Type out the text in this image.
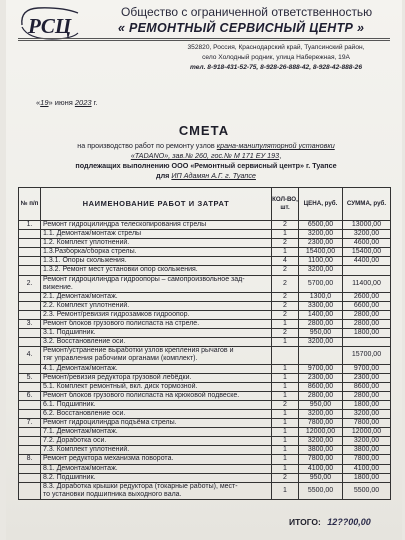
РСЦ
Общество с ограниченной ответственностью
« РЕМОНТНЫЙ СЕРВИСНЫЙ ЦЕНТР »
352820, Россия, Краснодарский край, Туапсинский район,
село Холодный родник, улица Набережная, 19А
тел. 8-918-431-52-75, 8-928-26-888-42, 8-928-42-888-26
«19» июня 2023 г.
СМЕТА
на производство работ по ремонту узлов крана-манипуляторной установки
«TADANO», зав.№ 260, гос.№ М 171 ЕУ 193,
подлежащих выполнению ООО «Ремонтный сервисный центр» г. Туапсе
для ИП Адамян А.Г. г. Туапсе
№ п/п	НАИМЕНОВАНИЕ РАБОТ И ЗАТРАТ	КОЛ-ВО, шт.	ЦЕНА, руб.	СУММА, руб.
1.	Ремонт гидроцилиндра телескопирования стрелы	2	6500,00	13000,00
	1.1. Демонтаж/монтаж стрелы	1	3200,00	3200,00
	1.2. Комплект уплотнений.	2	2300,00	4600,00
	1.3.Разборка/сборка стрелы.	1	15400,00	15400,00
	1.3.1. Опоры скольжения.	4	1100,00	4400,00
	1.3.2. Ремонт мест установки опор скольжения.	2	3200,00	
2.	Ремонт гидроцилиндра гидроопоры – самопроизвольное зад-
вижение.	2	5700,00	11400,00
	2.1. Демонтаж/монтаж.	2	1300,0	2600,00
	2.2. Комплект уплотнений.	2	3300,00	6600,00
	2.3. Ремонт/ревизия гидрозамков гидроопор.	2	1400,00	2800,00
3.	Ремонт блоков грузового полиспаста на стреле.	1	2800,00	2800,00
	3.1. Подшипник.	2	950,00	1800,00
	3.2. Восстановление оси.	1	3200,00	
4.	Ремонт/устранение выработки узлов крепления рычагов и
тяг управления рабочими органами (комплект).			15700,00
	4.1. Демонтаж/монтаж.	1	9700,00	9700,00
5.	Ремонт/ревизия редуктора грузовой лебёдки.	1	2300,00	2300,00
	5.1. Комплект ремонтный, вкл. диск тормозной.	1	8600,00	8600,00
6.	Ремонт блоков грузового полиспаста на крюковой подвеске.	1	2800,00	2800,00
	6.1. Подшипник.	2	950,00	1800,00
	6.2. Восстановление оси.	1	3200,00	3200,00
7.	Ремонт гидроцилиндра подъёма стрелы.	1	7800,00	7800,00
	7.1. Демонтаж/монтаж.	1	12000,00	12000,00
	7.2. Доработка оси.	1	3200,00	3200,00
	7.3. Комплект уплотнений.	1	3800,00	3800,00
8.	Ремонт редуктора механизма поворота.	1	7800,00	7800,00
	8.1. Демонтаж/монтаж.	1	4100,00	4100,00
	8.2. Подшипник.	2	950,00	1800,00

	8.3. Доработка крышки редуктора (токарные работы), мест-
то установки подшипника выходного вала.	1	5500,00	5500,00
ИТОГО: 12??00,00
